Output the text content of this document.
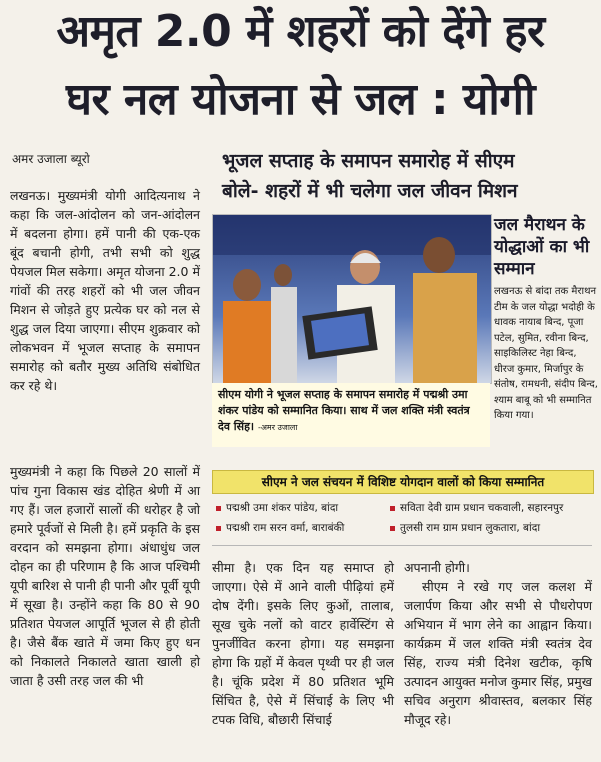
अमृत 2.0 में शहरों को देंगे हर
घर नल योजना से जल : योगी
अमर उजाला ब्यूरो	भूजल सप्ताह के समापन समारोह में सीएम
बोले- शहरों में भी चलेगा जल जीवन मिशन
सीएम योगी ने भूजल सप्ताह के समापन समारोह में पद्मश्री उमा शंकर पांडेय को सम्मानित किया। साथ में जल शक्ति मंत्री स्वतंत्र देव सिंह। -अमर उजाला
जल मैराथन के योद्धाओं का भी सम्मान
लखनऊ से बांदा तक मैराथन टीम के जल योद्धा भदोही के धावक नायाब बिन्द, पूजा पटेल, सुमित, रवीना बिन्द, साइकिलिस्ट नेहा बिन्द, धीरज कुमार, मिर्जापुर के संतोष, रामधनी, संदीप बिन्द, श्याम बाबू को भी सम्मानित किया गया।
लखनऊ। मुख्यमंत्री योगी आदित्यनाथ ने कहा कि जल-आंदोलन को जन-आंदोलन में बदलना होगा। हमें पानी की एक-एक बूंद बचानी होगी, तभी सभी को शुद्ध पेयजल मिल सकेगा। अमृत योजना 2.0 में गांवों की तरह शहरों को भी जल जीवन मिशन से जोड़ते हुए प्रत्येक घर को नल से शुद्ध जल दिया जाएगा। सीएम शुक्रवार को लोकभवन में भूजल सप्ताह के समापन समारोह को बतौर मुख्य अतिथि संबोधित कर रहे थे।
मुख्यमंत्री ने कहा कि पिछले 20 सालों में पांच गुना विकास खंड दोहित श्रेणी में आ गए हैं। जल हजारों सालों की धरोहर है जो हमारे पूर्वजों से मिली है। हमें प्रकृति के इस वरदान को समझना होगा। अंधाधुंध जल दोहन का ही परिणाम है कि आज पश्चिमी यूपी बारिश से पानी ही पानी और पूर्वी यूपी में सूखा है। उन्होंने कहा कि 80 से 90 प्रतिशत पेयजल आपूर्ति भूजल से ही होती है। जैसे बैंक खाते में जमा किए हुए धन को निकालते निकालते खाता खाली हो जाता है उसी तरह जल की भी
सीएम ने जल संचयन में विशिष्ट योगदान वालों को किया सम्मानित
पद्मश्री उमा शंकर पांडेय, बांदा	सविता देवी ग्राम प्रधान चकवाली, सहारनपुर
पद्मश्री राम सरन वर्मा, बाराबंकी	तुलसी राम ग्राम प्रधान लुकतारा, बांदा
सीमा है। एक दिन यह समाप्त हो जाएगा। ऐसे में आने वाली पीढ़ियां हमें दोष देंगी। इसके लिए कुओं, तालाब, सूख चुके नलों को वाटर हार्वेस्टिंग से पुनर्जीवित करना होगा। यह समझना होगा कि ग्रहों में केवल पृथ्वी पर ही जल है। चूंकि प्रदेश में 80 प्रतिशत भूमि सिंचित है, ऐसे में सिंचाई के लिए भी टपक विधि, बौछारी सिंचाई
अपनानी होगी।
सीएम ने रखे गए जल कलश में जलार्पण किया और सभी से पौधरोपण अभियान में भाग लेने का आह्वान किया। कार्यक्रम में जल शक्ति मंत्री स्वतंत्र देव सिंह, राज्य मंत्री दिनेश खटीक, कृषि उत्पादन आयुक्त मनोज कुमार सिंह, प्रमुख सचिव अनुराग श्रीवास्तव, बलकार सिंह मौजूद रहे।
